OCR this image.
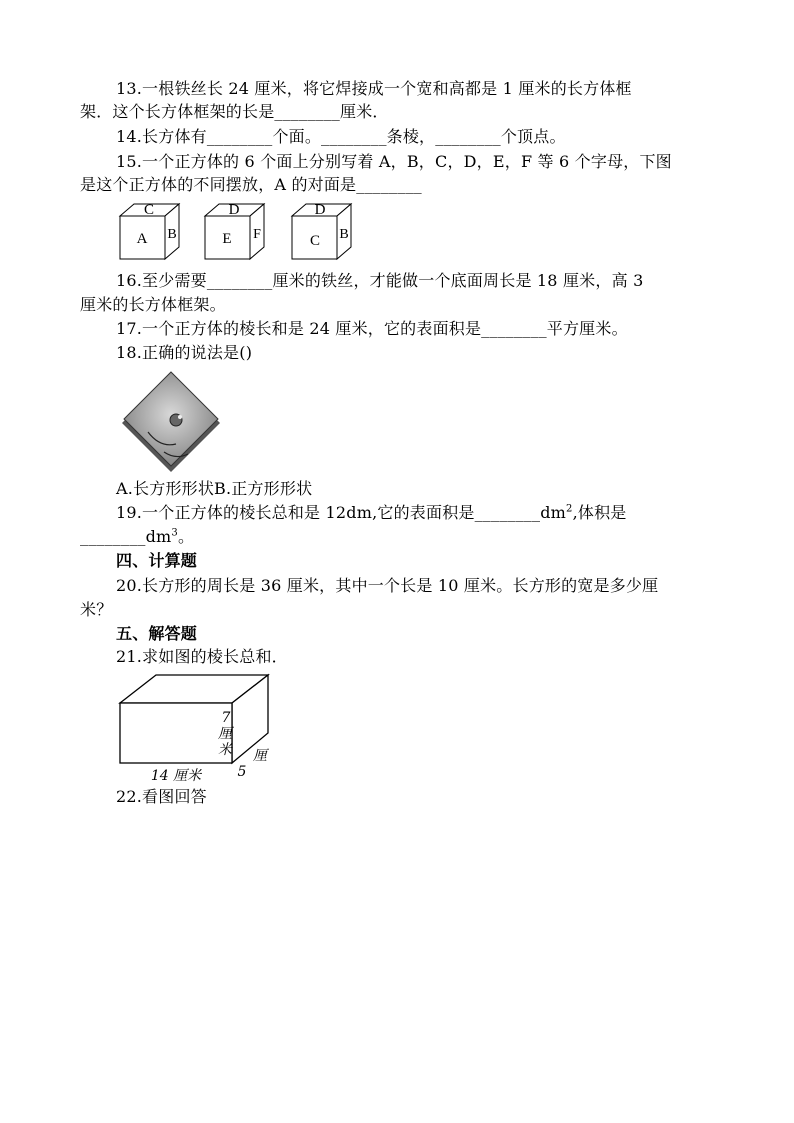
13.一根铁丝长 24 厘米，将它焊接成一个宽和高都是 1 厘米的长方体框
架．这个长方体框架的长是________厘米．
14.长方体有________个面。________条棱，________个顶点。
15.一个正方体的 6 个面上分别写着 A，B，C，D，E，F 等 6 个字母，下图
是这个正方体的不同摆放，A 的对面是________
C
A B
D
E F
D
C B
16.至少需要________厘米的铁丝，才能做一个底面周长是 18 厘米，高 3
厘米的长方体框架。
17.一个正方体的棱长和是 24 厘米，它的表面积是________平方厘米。
18.正确的说法是()
A.长方形形状B.正方形形状
19.一个正方体的棱长总和是 12dm,它的表面积是$\_\_\_\_\_\_\_\_dm^2$,体积是
$\_\_\_\_\_\_\_\_dm^3$。
四、计算题
20.长方形的周长是 36 厘米，其中一个长是 10 厘米。长方形的宽是多少厘
米？
五、解答题
21.求如图的棱长总和．
7
厘
米
14 厘米	5
厘
22.看图回答
